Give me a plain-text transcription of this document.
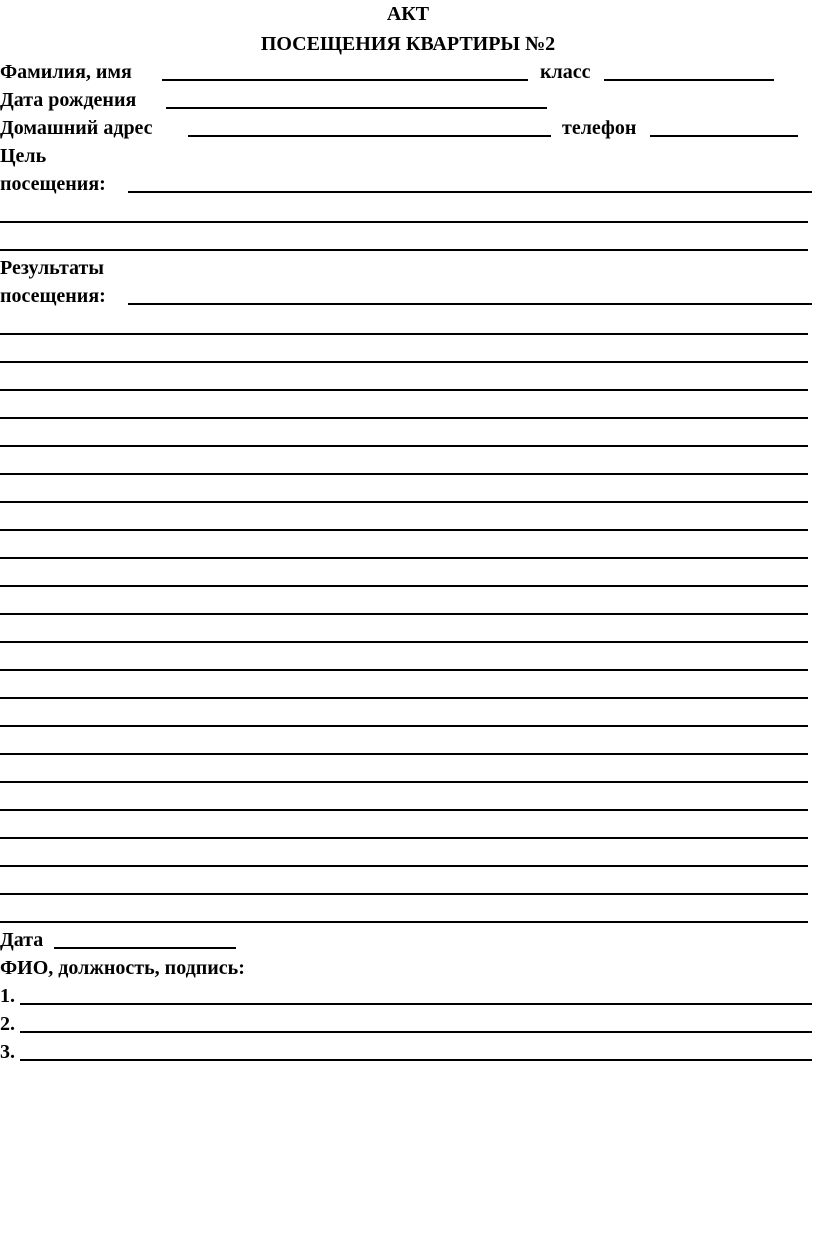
АКТ
ПОСЕЩЕНИЯ КВАРТИРЫ №2
Фамилия, имя	класс
Дата рождения
Домашний адрес	телефон
Цель
посещения:
Результаты
посещения:
Дата
ФИО, должность, подпись:
1.
2.
3.
